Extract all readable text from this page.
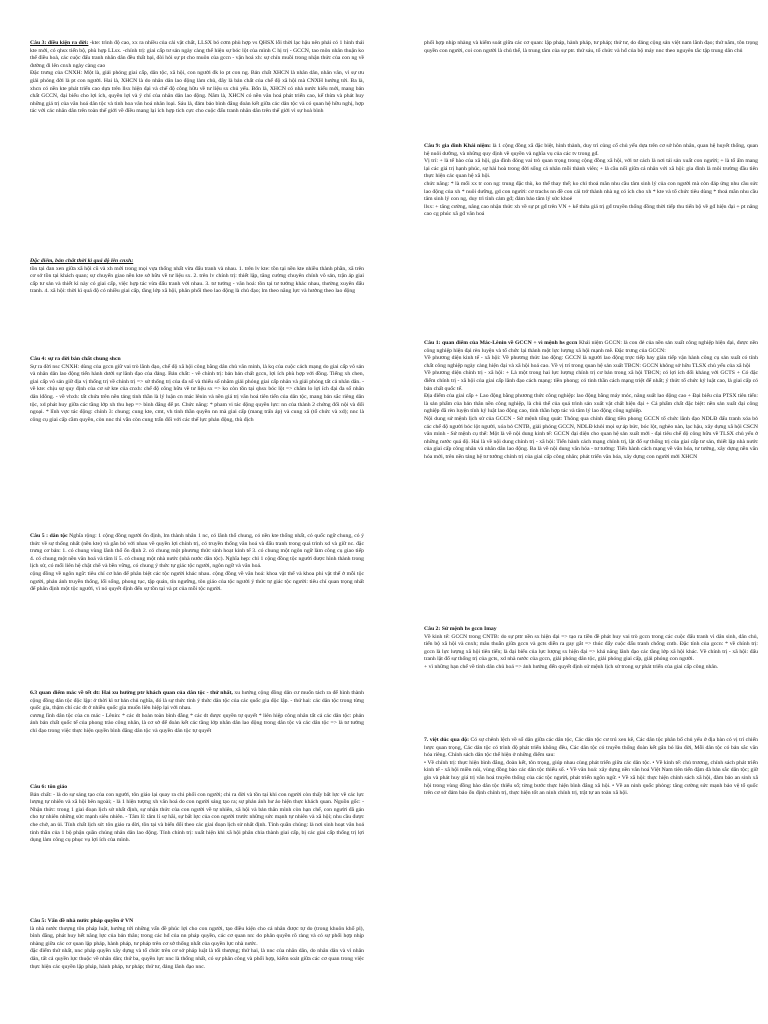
Câu 3: điều kiện ra đời: -kte: trình độ cao, xx ra nhiều của cải vật chất, LLSX bó cơm phù hợp vs QHSX lỗi thời lạc hậu nên phải có 1 hình thái kte mới, có qhsx tiến bộ, phù hợp LLsx. -chính trị: giai cấp tư sản ngày càng thể hiện sự bóc lột của mình C hị trị - GCCN, tao môn nhân thuận ko thể điều hoà, các cuộc đấu tranh nhân dân đều thất bại, đòi hỏi sự pt cho muôn của gccn - vận hoá xh: sự chín muồi trong nhận thức của con ng về đường đi lên cnxh ngày càng cao

Đặc trưng của CNXH: Một là, giải phóng giai cấp, dân tộc, xã hội, con người đk lo pt con ng. Bản chất XHCN là nhân dân, nhân văn, vì sự ưu giải phóng đời là pt con người. Hai là, XHCN là do nhân dân lao động làm chủ, đây là bản chất của chế độ xã hội mà CNXH hướng tới. Ba là, xhcn có nền kte phát triển cao dựa trên llsx hiện đại và chế độ công hữu về tư liệu sx chủ yếu. Bốn là, XHCN có nhà nước kiểu mới, mang bản chất GCCN, đại biểu cho lợi ích, quyền lợi và ý chí của nhân dân lao động. Năm là, XHCN có nền văn hoá phát triển cao, kế thừa và phát huy những giá trị của văn hoá dân tộc và tinh hoa văn hoá nhân loại. Sáu là, đảm bảo bình đẳng đoàn kết giữa các dân tộc và có quan hệ hữu nghị, hợp tác với các nhân dân trên toàn thế giới về điều mang lại ích hợp tích cực cho cuộc đấu tranh nhân dân trên thế giới vì sự hoà bình

Đặc điểm, bản chất thời kì quá độ lên cnxh:

tồn tại đan xen giữa xã hội cũ và xh mới trong mọi vựa thống nhất vừa đấu tranh và nhau. 1. trên lv kte: tồn tại nền kte nhiều thành phần, xã trên cơ sở tồn tại khách quan; sự chuyển giao nền kte sở hữu về tư liệu sx. 2. trên lv chính trị: thiết lập, tăng cường chuyên chính vô sản, trận áp giai cấp tư sản và thiết kì này có giai cấp, việc hợp tác vừa đấu tranh với nhau. 3. tư tưởng - văn hoá: tồn tại tư tưởng khác nhau, thường xuyên đấu tranh. 4. xã hội: thời kì quá độ có nhiều giai cấp, tầng lớp xã hội, phân phối theo lao động là chủ đạo; lm theo năng lực và hưởng theo lao động

Câu 4: sự ra đời bản chất chung shcn

Sự ra đời nsc CNXH: dùng của gccn giữ vai trò lãnh đạo, chế độ xã hội công bằng dân chủ văn minh, là kq của cuộc cách mạng do giai cấp vô sản và nhân dân lao động tiến hành dưới sự lãnh đạo của đảng. Bản chất: - về chính trị: bản bản chất gccn, lợi ích phù hợp với đồng. Tiếng xh chen, giai cấp vô sản giữ địa vị thống trị về chính trị => sử thống trị của đa số và thiểu số nhằm giải phóng giai cấp nhân và giải phóng tất cả nhân dân. - về kte: chịu sự quy định của cơ sở kte của cnxh: chế độ công hữu về tư liệu sx => ko còn tồn tại qhsx bóc lột => chăm lo lợi ích đại đa số nhân dân lđông. - về vhxh: tất chứa trên nền tảng tinh thần là lý luận cn mác lênin và nền giá trị văn hoá tiên tiến của dân tộc, mang bản sắc riêng dân tộc, xd phát huy giữa các tầng lớp xh thu hẹp => bình đẳng để pt. Chức năng: * pham vi tác động quyền lực: nn của thành 2 chứng đối nội và đối ngoại. * lĩnh vực tác động: chính 3: chung; cung kte, cmt, vh tinh thần quyền nn mà giai cấp (mang trấn áp) và cung xã (tổ chức và xd); nnc là công cụ giai cấp cầm quyền, còn nnc thì vẫn còn cung trấn đối với các thế lực phản động, thù địch

Câu 5 : dân tộc Nghĩa rộng: 1 cộng đồng người ổn định, lm thành nhân 1 nc, có lãnh thổ chung, có nền kte thống nhất, có quốc ngữ chung, có ý thức về sự thống nhất (nền kte) và gắn bó với nhau về quyền lợi chính trị, có truyền thống văn hoá và đấu tranh trong quá trình xd và giữ nc. đặc trưng cơ bản: 1. có chung vùng lãnh thổ ổn định 2. có chung một phương thức sinh hoạt kinh tế 3. có chung một ngôn ngữ làm công cụ giao tiếp 4. có chung một nền văn hoá và tâm lí 5. có chung một nhà nước (nhà nước dân tộc). Nghĩa hẹp: chỉ 1 cộng đồng tộc người được hình thành trong lịch sử, có mối liên hệ chặt chẽ và bền vững, có chung ý thức tự giác tộc người, ngôn ngữ và văn hoá.

cộng đồng về ngôn ngữ: tiêu chí cơ bản để phân biệt các tộc người khác nhau. cộng đồng về văn hoá: khoa vật thể và khoa phi vật thể ở mỗi tộc người, phản ánh truyền thống, lối sống, phong tục, tập quán, tín ngưỡng, tôn giáo của tộc người ý thức tự giác tộc người: tiêu chí quan trọng nhất để phân định một tộc người, vì nó quyết định đến sự tồn tại và pt của mỗi tộc người.

6.3 quan điểm mác về tết dt: Hai xu hướng ptr khách quan của dân tộc - thứ nhất, xu hướng cộng đồng dân cư muốn tách ra để hình thành cộng đồng dân tộc độc lập: ở thời kì tư bản chủ nghĩa, đó là sự thức tỉnh ý thức dân tộc của các quốc gia độc lập. - thứ hai: các dân tộc trong từng quốc gia, thậm chí các dt ở nhiều quốc gia muốn liên hiệp lại với nhau.

cương lĩnh dân tộc của cn mác - Lênin: * các dt hoàn toàn bình đẳng * các dt được quyền tự quyết * liên hiệp công nhân tất cả các dân tộc: phản ánh bản chất quốc tế của phong trào công nhân, là cơ sở để đoàn kết các tầng lớp nhân dân lao động trong dân tộc và các dân tộc => là tư tưởng chỉ đạo trong việc thực hiện quyền bình đẳng dân tộc và quyền dân tộc tự quyết

Câu 6: tôn giáo

Bản chất: - là do sự sáng tạo của con người, tôn giáo lại quay ra chi phối con người; chi ra đời và tồn tại khi con người còn thấy bất lực về các lực lượng tự nhiên và xã hội bên ngoài; - là 1 hiện tượng xh văn hoá do con người sáng tạo ra; sự phản ánh hư ảo hiện thực khách quan. Nguồn gốc: - Nhận thức: trong 1 giai đoạn lịch sử nhất định, sự nhận thức của con người về tự nhiên, xã hội và bản thân mình còn hạn chế, con người đã gán cho tự nhiên những sức mạnh siêu nhiên. - Tâm lí: tâm lí sợ hãi, sự bất lực của con người trước những sức mạnh tự nhiên và xã hội; nhu cầu được che chở, an ủi. Tính chất lịch sử: tôn giáo ra đời, tồn tại và biến đổi theo các giai đoạn lịch sử nhất định. Tính quần chúng: là nơi sinh hoạt văn hoá tinh thần của 1 bộ phận quần chúng nhân dân lao động. Tính chính trị: xuất hiện khi xã hội phân chia thành giai cấp, bị các giai cấp thống trị lợi dụng làm công cụ phục vụ lợi ích của mình.

Câu 5: Vấn đề nhà nước pháp quyền ở VN

là nhà nước thượng tôn pháp luật, hướng tới những vấn đề phúc lợi cho con người, tạo điều kiện cho cá nhân được tự do (trong khuôn khổ pl), bình đẳng, phát huy hết năng lực của bản thân; trong các hđ của nn pháp quyền, các cơ quan nn: do phân quyền rõ ràng và có sự phối hợp nhịp nhàng giữa các cơ quan lập pháp, hành pháp, tư pháp trên cơ sở thống nhất của quyền lực nhà nước.

đặc điểm thứ nhất, nnc pháp quyền xây dựng và tổ chức trên cơ sở pháp luật là tối thượng; thứ hai, là nnc của nhân dân, do nhân dân và vì nhân dân, tất cả quyền lực thuộc về nhân dân; thứ ba, quyền lực nnc là thống nhất, có sự phân công và phối hợp, kiểm soát giữa các cơ quan trong việc thực hiện các quyền lập pháp, hành pháp, tư pháp; thứ tư, đảng lãnh đạo nnc.

phối hợp nhịp nhàng và kiểm soát giữa các cơ quan: lập pháp, hành pháp, tư pháp; thứ tư, do đảng cộng sản việt nam lãnh đạo; thứ năm, tôn trọng quyền con người, coi con người là chủ thể, là trung tâm của sự ptr. thứ sáu, tổ chức và hđ của bộ máy nnc theo nguyên tắc tập trung dân chủ

Câu 9: gia đình Khái niệm: là 1 cộng đồng xã đặc biệt, hình thành, duy trì củng cố chủ yếu dựa trên cơ sở hôn nhân, quan hệ huyết thống, quan hệ nuôi dưỡng, và những quy định về quyền và nghĩa vụ của các tv trong gđ.

Vị trí: + là tế bào của xã hội, gia đình đóng vai trò quan trọng trong cộng đồng xã hội, với tư cách là nơi tái sản xuất con người; + là tổ ấm mang lại các giá trị hạnh phúc, sự hài hoà trong đời sống cá nhân mỗi thành viên; + là cầu nối giữa cá nhân với xã hội: gia đình là môi trường đầu tiên thực hiện các quan hệ xã hội.

chức năng: * là mối xx tr con ng: trung đặc thù, ko thể thay thế; ko chỉ thoả mãn nhu cầu tâm sinh lý của con người mà còn đáp ứng nhu cầu sức lao động của xh * nuôi dưỡng, gd con người: cơ trachs nn đề con cái trở thành nhà ng có ích cho xh * kte và tổ chức tiêu dùng * thoả mãn nhu cầu tâm sinh lý con ng, duy trì tình cảm gđ; đảm bảo tâm lý sức khoẻ

llsx: + tăng cường, nâng cao nhận thức xh về sự pt gđ trên VN + kế thừa giá trị gđ truyền thống đồng thời tiếp thu tiến bộ về gđ hiện đại + pt nâng cao cg phúc xã gđ văn hoá

Câu 1: quan điểm của Mác-Lênin về GCCN + vì mệnh hs gccn Khái niệm GCCN: là con đẻ của nền sản xuất công nghiệp hiện đại, được nền công nghiệp hiện đại rèn luyện và tổ chức lại thành một lực lượng xã hội mạnh mẽ. Đặc trưng của GCCN:

Về phương diện kinh tế - xã hội: Về phương thức lao động: GCCN là người lao động trực tiếp hay gián tiếp vận hành công cụ sản xuất có tính chất công nghiệp ngày càng hiện đại và xã hội hoá cao. Về vị trí trong quan hệ sản xuất TBCN: GCCN không sở hữu TLSX chủ yếu của xã hội

Về phương diện chính trị - xã hội: + Là một trong hai lực lượng chính trị cơ bản trong xã hội TBCN; có lợi ích đối kháng với GCTS + Có đặc điểm chính trị - xã hội của giai cấp lãnh đạo cách mạng: tiền phong; có tinh thần cách mạng triệt để nhất; ý thức tổ chức kỷ luật cao, là giai cấp có bản chất quốc tế.

Địa điểm của giai cấp + Lao động bằng phương thức công nghiệp: lao động bằng máy móc, năng suất lao động cao + Đại biểu của PTSX tiên tiến: là sản phẩm của bản thân nền công nghiệp, là chủ thể của quá trình sản xuất vật chất hiện đại + Cá phẩm chất đặc biệt: nền sản xuất đại công nghiệp đã rèn luyện tính kỷ luật lao động cao, tinh thần hợp tác và tâm lý lao động công nghiệp.

Nội dung sứ mệnh lịch sử của GCCN - Sứ mệnh tổng quát: Thông qua chính đảng tiền phong GCCN tổ chức lãnh đạo NDLĐ đấu tranh xóa bỏ các chế độ người bóc lột người, xóa bỏ CNTB, giải phóng GCCN, NDLĐ khỏi mọi sự áp bức, bóc lột, nghèo nàn, lạc hậu, xây dựng xã hội CSCN văn minh - Sứ mệnh cụ thể: Một là về nội dung kinh tế: GCCN đại diện cho quan hệ sản xuất mới - đại tiêu chế độ công hữu về TLSX chủ yếu ở những nước quá độ. Hai là về nội dung chính trị - xã hội: Tiến hành cách mạng chính trị, lật đổ sự thống trị của giai cấp tư sản, thiết lập nhà nước của giai cấp công nhân và nhân dân lao động. Ba là về nội dung văn hóa - tư tưởng: Tiến hành cách mạng về văn hóa, tư tưởng, xây dựng nền văn hóa mới, trên nền tảng hệ tư tưởng chính trị của giai cấp công nhân; phát triển văn hóa, xây dựng con người mới XHCN

Câu 2: Sứ mệnh hs gccn Imay

Về kinh tế: GCCN trong CNTB: do sự pttr nền sx hiện đại => tạo ra tiền đề phát huy vai trò gccn trong các cuộc đấu tranh vì dân sinh, dân chủ, tiến bộ xã hội và cnxh; mâu thuẫn giữa gccn và gcts diễn ra gay gắt => thúc đẩy cuộc đấu tranh chống cntb. Đặc tính của gccn: * về chính trị: gccn là lực lượng xã hội tiên tiến; là đại biểu của lực lượng sx hiện đại => khả năng lãnh đạo các tầng lớp xã hội khác. Về chính trị - xã hội: đấu tranh lật đổ sự thống trị của gcts, xd nhà nước của gccn, giải phóng dân tộc, giải phóng giai cấp, giải phóng con người.

+ vì những hạn chế về tính dân chủ hoá => ảnh hưởng đến quyết định sứ mệnh lịch sử trong sự phát triển của giai cấp công nhân.

7. việt dúc qua độ: Có sự chênh lệch về số dân giữa các dân tộc, Các dân tộc cư trú xen kẽ, Các dân tộc phân bố chủ yếu ở địa bàn có vị trí chiến lược quan trọng, Các dân tộc có trình độ phát triển không đều, Các dân tộc có truyền thống đoàn kết gắn bó lâu đời, Mỗi dân tộc có bản sắc văn hóa riêng. Chính sách dân tộc thể hiện ở những điểm sau:

• Về chính trị: thực hiện bình đẳng, đoàn kết, tôn trọng, giúp nhau cùng phát triển giữa các dân tộc. • Về kinh tế: chủ trương, chính sách phát triển kinh tế - xã hội miền núi, vùng đồng bào các dân tộc thiểu số. • Về văn hoá: xây dựng nền văn hoá Việt Nam tiên tiến đậm đà bản sắc dân tộc; giữ gìn và phát huy giá trị văn hoá truyền thống của các tộc người, phát triển ngôn ngữ. • Về xã hội: thực hiện chính sách xã hội, đảm bảo an sinh xã hội trong vùng đồng bào dân tộc thiểu số; từng bước thực hiện bình đẳng xã hội. • Về an ninh quốc phòng: tăng cường sức mạnh bảo vệ tổ quốc trên cơ sở đảm bảo ổn định chính trị, thực hiện tốt an ninh chính trị, trật tự an toàn xã hội.
